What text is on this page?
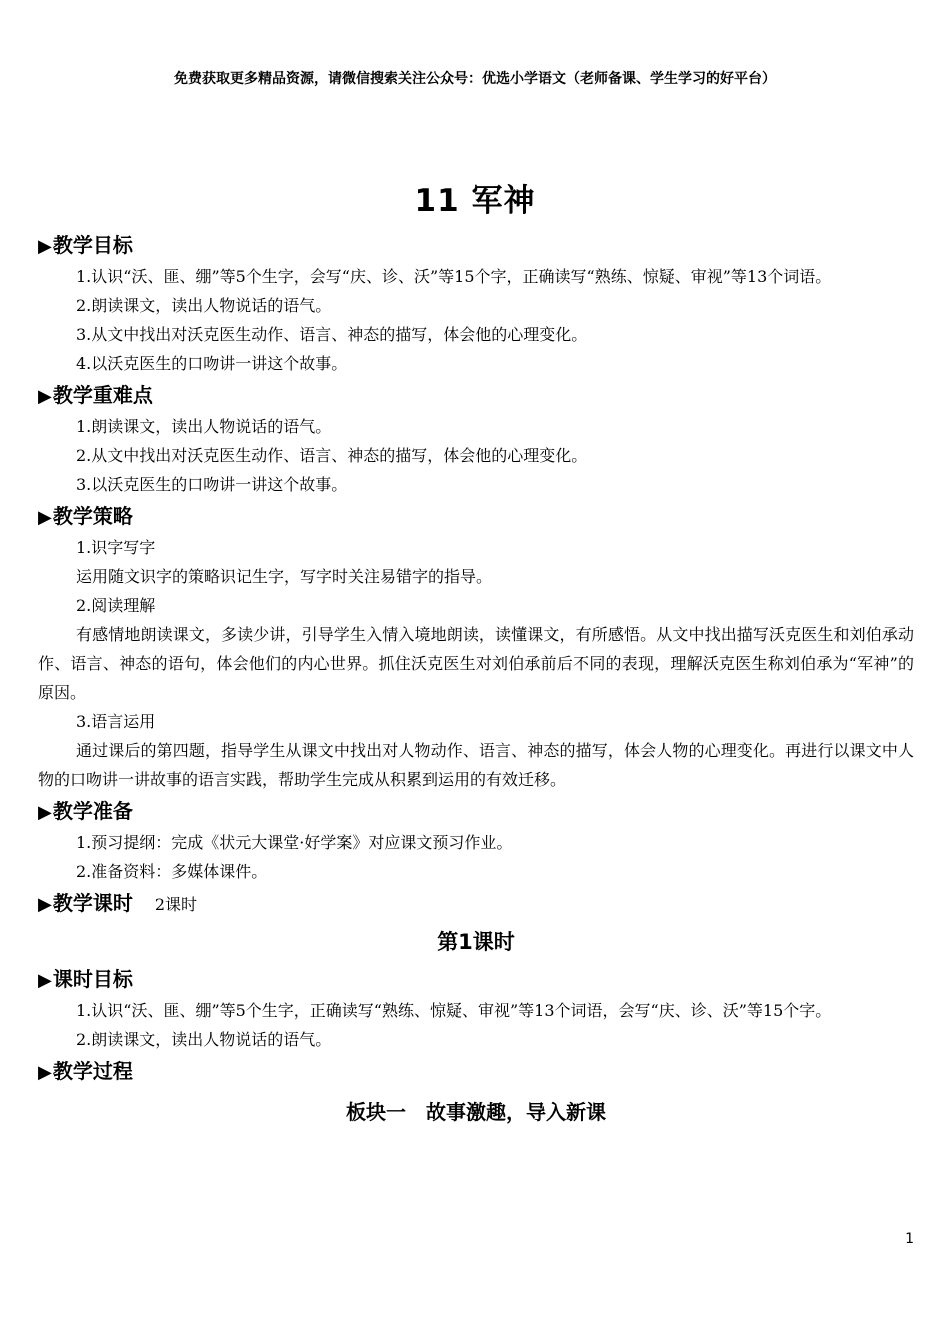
免费获取更多精品资源，请微信搜索关注公众号：优选小学语文（老师备课、学生学习的好平台）
11 军神
▶教学目标
1.认识“沃、匪、绷”等5个生字，会写“庆、诊、沃”等15个字，正确读写“熟练、惊疑、审视”等13个词语。
2.朗读课文，读出人物说话的语气。
3.从文中找出对沃克医生动作、语言、神态的描写，体会他的心理变化。
4.以沃克医生的口吻讲一讲这个故事。
▶教学重难点
1.朗读课文，读出人物说话的语气。
2.从文中找出对沃克医生动作、语言、神态的描写，体会他的心理变化。
3.以沃克医生的口吻讲一讲这个故事。
▶教学策略
1.识字写字
运用随文识字的策略识记生字，写字时关注易错字的指导。
2.阅读理解
有感情地朗读课文，多读少讲，引导学生入情入境地朗读，读懂课文，有所感悟。从文中找出描写沃克医生和刘伯承动作、语言、神态的语句，体会他们的内心世界。抓住沃克医生对刘伯承前后不同的表现，理解沃克医生称刘伯承为“军神”的原因。
3.语言运用
通过课后的第四题，指导学生从课文中找出对人物动作、语言、神态的描写，体会人物的心理变化。再进行以课文中人物的口吻讲一讲故事的语言实践，帮助学生完成从积累到运用的有效迁移。
▶教学准备
1.预习提纲：完成《状元大课堂·好学案》对应课文预习作业。
2.准备资料：多媒体课件。
▶教学课时 2课时
第1课时
▶课时目标
1.认识“沃、匪、绷”等5个生字，正确读写“熟练、惊疑、审视”等13个词语，会写“庆、诊、沃”等15个字。
2.朗读课文，读出人物说话的语气。
▶教学过程
板块一　故事激趣，导入新课
1
